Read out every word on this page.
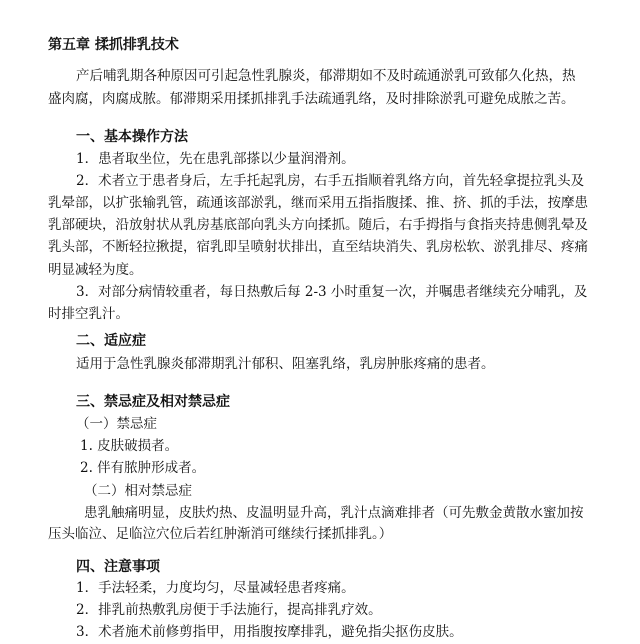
第五章 揉抓排乳技术
产后哺乳期各种原因可引起急性乳腺炎，郁滞期如不及时疏通淤乳可致郁久化热，热
盛肉腐，肉腐成脓。郁滞期采用揉抓排乳手法疏通乳络，及时排除淤乳可避免成脓之苦。
一、基本操作方法
1．患者取坐位，先在患乳部搽以少量润滑剂。
2．术者立于患者身后，左手托起乳房，右手五指顺着乳络方向，首先轻拿提拉乳头及
乳晕部，以扩张输乳管，疏通该部淤乳，继而采用五指指腹揉、推、挤、抓的手法，按摩患
乳部硬块，沿放射状从乳房基底部向乳头方向揉抓。随后，右手拇指与食指夹持患侧乳晕及
乳头部，不断轻拉揪提，宿乳即呈喷射状排出，直至结块消失、乳房松软、淤乳排尽、疼痛
明显减轻为度。
3．对部分病情较重者，每日热敷后每 2-3 小时重复一次，并嘱患者继续充分哺乳，及
时排空乳汁。
二、适应症
适用于急性乳腺炎郁滞期乳汁郁积、阻塞乳络，乳房肿胀疼痛的患者。
三、禁忌症及相对禁忌症
（一）禁忌症
1. 皮肤破损者。
2. 伴有脓肿形成者。
（二）相对禁忌症
患乳触痛明显，皮肤灼热、皮温明显升高，乳汁点滴难排者（可先敷金黄散水蜜加按
压头临泣、足临泣穴位后若红肿渐消可继续行揉抓排乳。）
四、注意事项
1．手法轻柔，力度均匀，尽量减轻患者疼痛。
2．排乳前热敷乳房便于手法施行，提高排乳疗效。
3．术者施术前修剪指甲，用指腹按摩排乳，避免指尖抠伤皮肤。
